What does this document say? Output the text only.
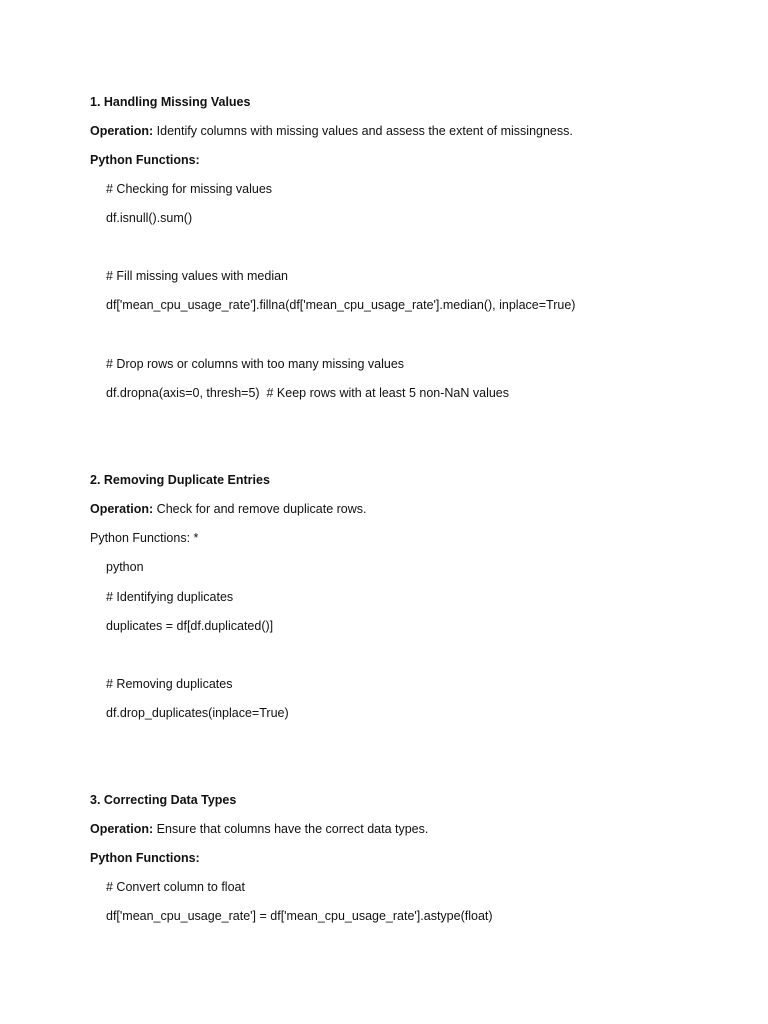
1. Handling Missing Values
Operation: Identify columns with missing values and assess the extent of missingness.
Python Functions:
# Checking for missing values
df.isnull().sum()
# Fill missing values with median
df['mean_cpu_usage_rate'].fillna(df['mean_cpu_usage_rate'].median(), inplace=True)
# Drop rows or columns with too many missing values
df.dropna(axis=0, thresh=5)  # Keep rows with at least 5 non-NaN values
2. Removing Duplicate Entries
Operation: Check for and remove duplicate rows.
Python Functions: *
python
# Identifying duplicates
duplicates = df[df.duplicated()]
# Removing duplicates
df.drop_duplicates(inplace=True)
3. Correcting Data Types
Operation: Ensure that columns have the correct data types.
Python Functions:
# Convert column to float
df['mean_cpu_usage_rate'] = df['mean_cpu_usage_rate'].astype(float)
